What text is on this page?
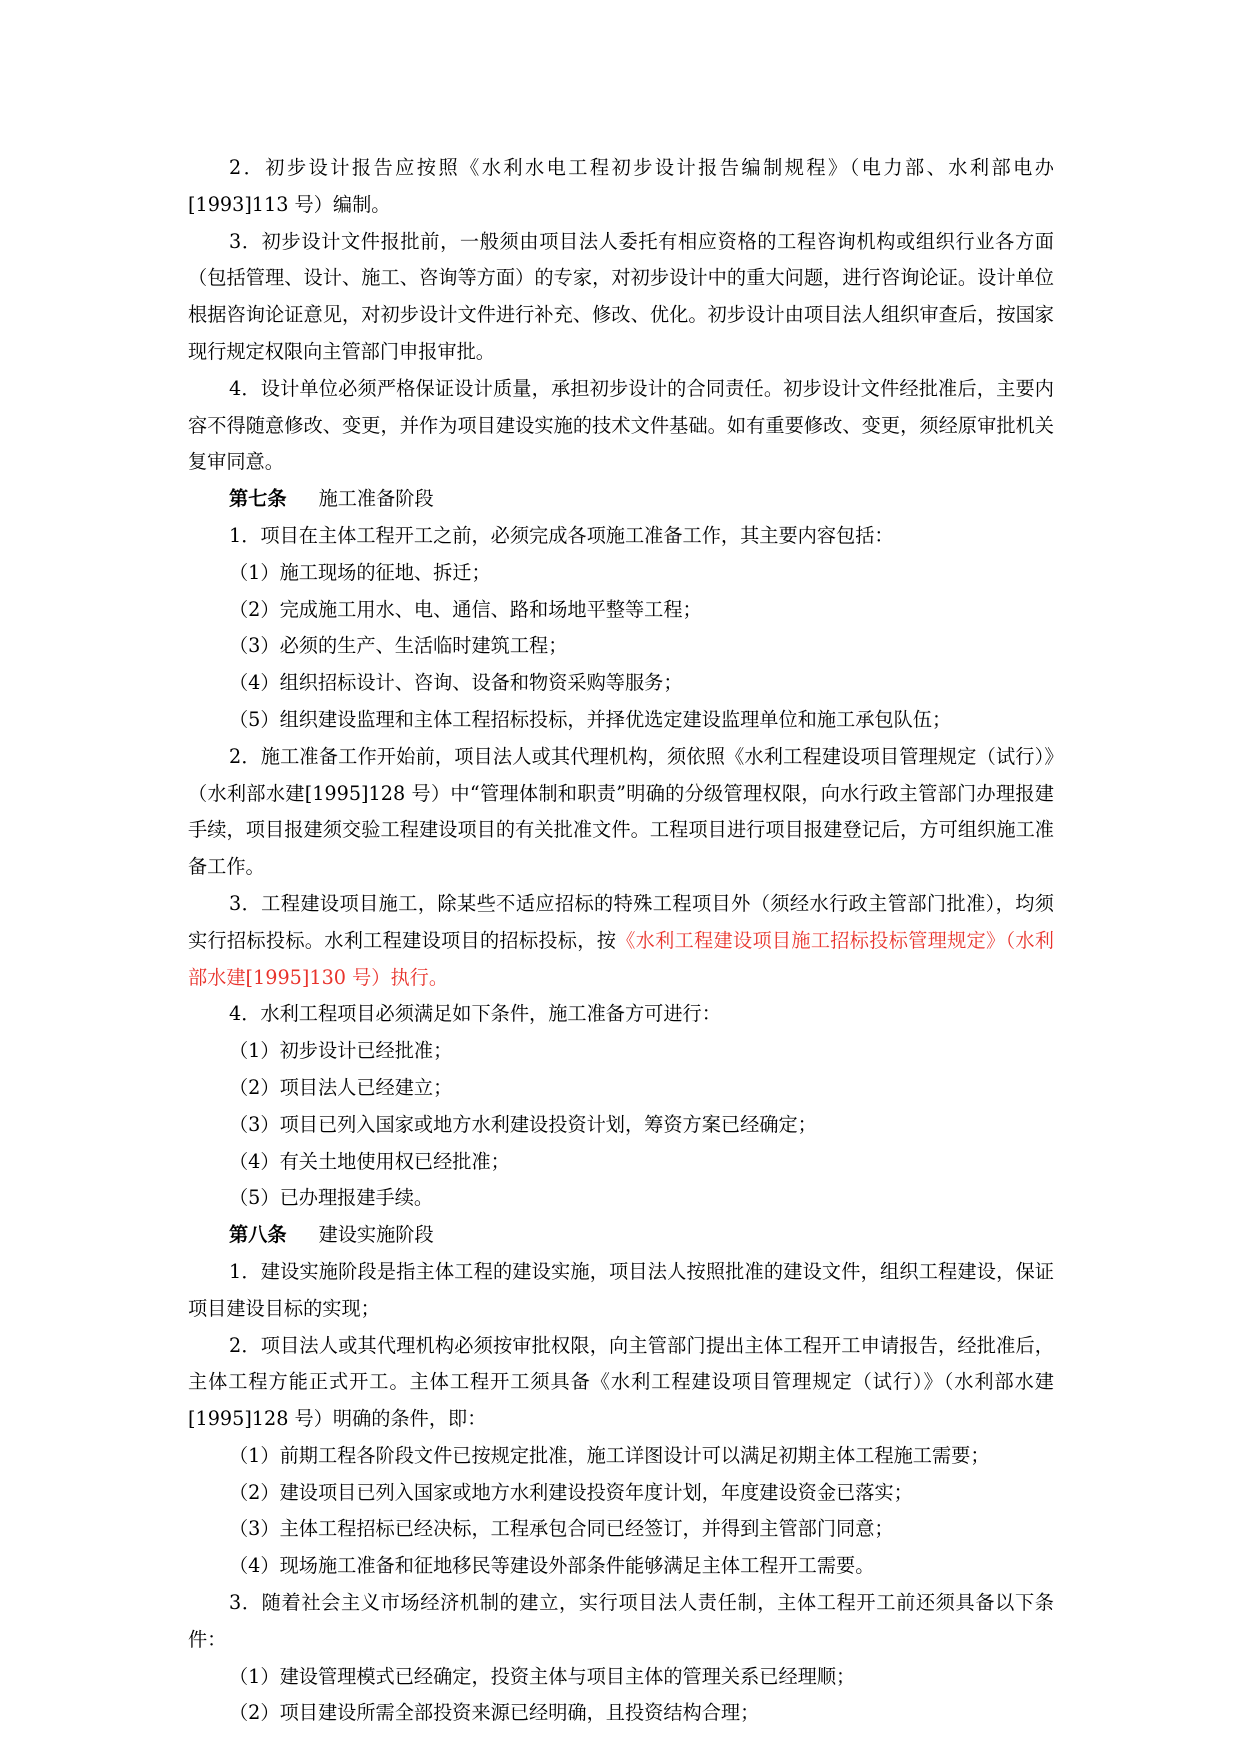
2．初步设计报告应按照《水利水电工程初步设计报告编制规程》（电力部、水利部电办[1993]113 号）编制。

3．初步设计文件报批前，一般须由项目法人委托有相应资格的工程咨询机构或组织行业各方面（包括管理、设计、施工、咨询等方面）的专家，对初步设计中的重大问题，进行咨询论证。设计单位根据咨询论证意见，对初步设计文件进行补充、修改、优化。初步设计由项目法人组织审查后，按国家现行规定权限向主管部门申报审批。

4．设计单位必须严格保证设计质量，承担初步设计的合同责任。初步设计文件经批准后，主要内容不得随意修改、变更，并作为项目建设实施的技术文件基础。如有重要修改、变更，须经原审批机关复审同意。

第七条 施工准备阶段

1．项目在主体工程开工之前，必须完成各项施工准备工作，其主要内容包括：

（1）施工现场的征地、拆迁；

（2）完成施工用水、电、通信、路和场地平整等工程；

（3）必须的生产、生活临时建筑工程；

（4）组织招标设计、咨询、设备和物资采购等服务；

（5）组织建设监理和主体工程招标投标，并择优选定建设监理单位和施工承包队伍；

2．施工准备工作开始前，项目法人或其代理机构，须依照《水利工程建设项目管理规定（试行）》（水利部水建[1995]128 号）中“管理体制和职责”明确的分级管理权限，向水行政主管部门办理报建手续，项目报建须交验工程建设项目的有关批准文件。工程项目进行项目报建登记后，方可组织施工准备工作。

3．工程建设项目施工，除某些不适应招标的特殊工程项目外（须经水行政主管部门批准），均须实行招标投标。水利工程建设项目的招标投标，按《水利工程建设项目施工招标投标管理规定》（水利部水建[1995]130 号）执行。

4．水利工程项目必须满足如下条件，施工准备方可进行：

（1）初步设计已经批准；

（2）项目法人已经建立；

（3）项目已列入国家或地方水利建设投资计划，筹资方案已经确定；

（4）有关土地使用权已经批准；

（5）已办理报建手续。

第八条 建设实施阶段

1．建设实施阶段是指主体工程的建设实施，项目法人按照批准的建设文件，组织工程建设，保证项目建设目标的实现；

2．项目法人或其代理机构必须按审批权限，向主管部门提出主体工程开工申请报告，经批准后，主体工程方能正式开工。主体工程开工须具备《水利工程建设项目管理规定（试行）》（水利部水建[1995]128 号）明确的条件，即：

（1）前期工程各阶段文件已按规定批准，施工详图设计可以满足初期主体工程施工需要；

（2）建设项目已列入国家或地方水利建设投资年度计划，年度建设资金已落实；

（3）主体工程招标已经决标，工程承包合同已经签订，并得到主管部门同意；

（4）现场施工准备和征地移民等建设外部条件能够满足主体工程开工需要。

3．随着社会主义市场经济机制的建立，实行项目法人责任制，主体工程开工前还须具备以下条件：

（1）建设管理模式已经确定，投资主体与项目主体的管理关系已经理顺；

（2）项目建设所需全部投资来源已经明确，且投资结构合理；
